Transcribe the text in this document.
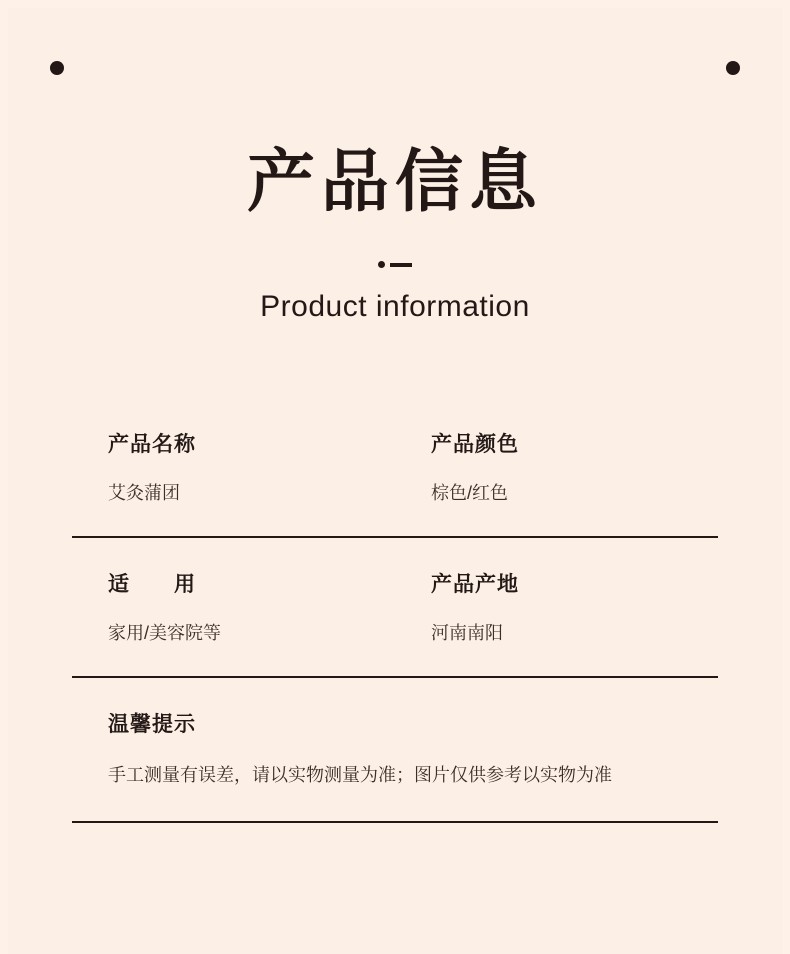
产品信息
Product information
产品名称
艾灸蒲团
产品颜色
棕色/红色
适　　用
家用/美容院等
产品产地
河南南阳
温馨提示
手工测量有误差，请以实物测量为准；图片仅供参考以实物为准
